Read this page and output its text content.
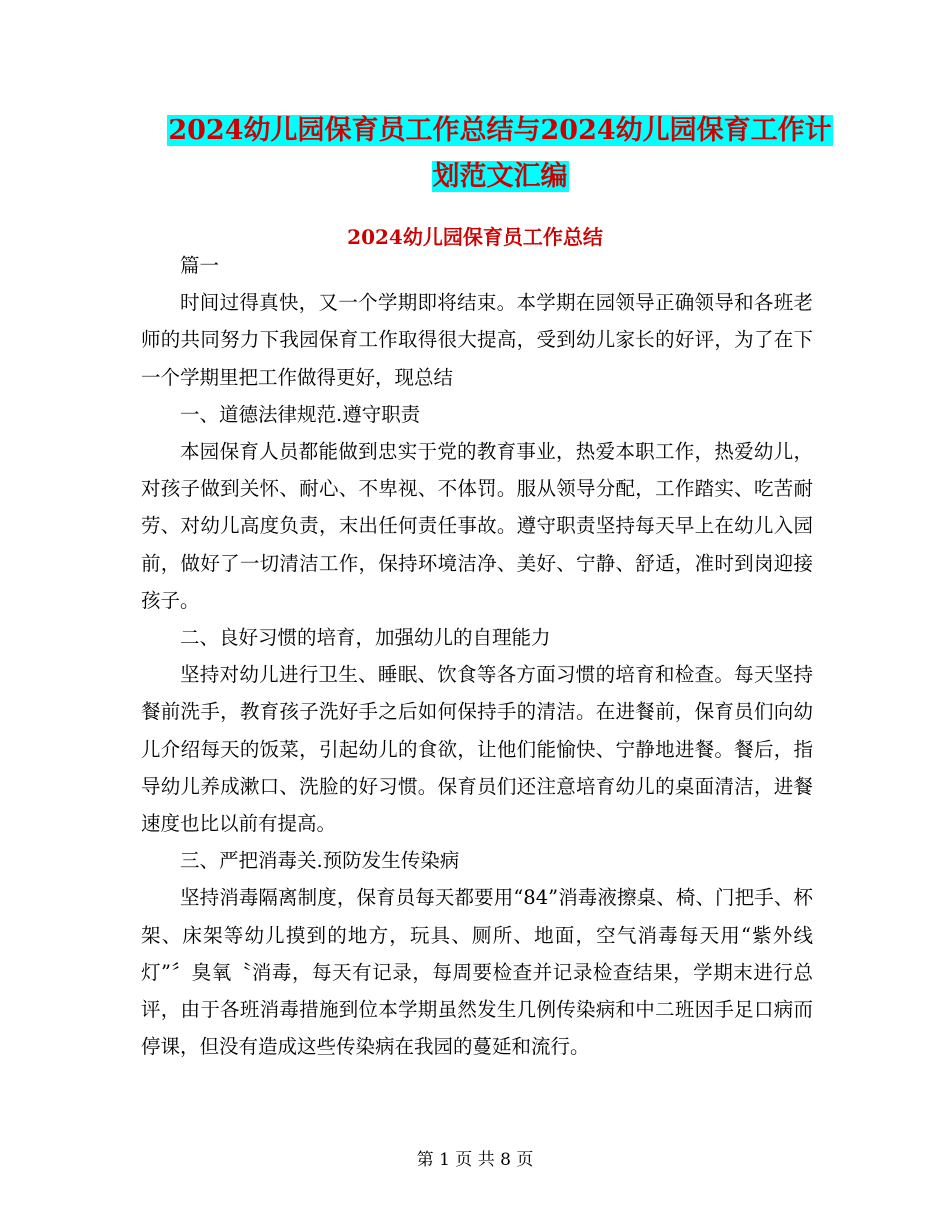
2024幼儿园保育员工作总结与2024幼儿园保育工作计
划范文汇编
2024幼儿园保育员工作总结

篇一

时间过得真快，又一个学期即将结束。本学期在园领导正确领导和各班老师的共同努力下我园保育工作取得很大提高，受到幼儿家长的好评，为了在下一个学期里把工作做得更好，现总结

一、道德法律规范.遵守职责

本园保育人员都能做到忠实于党的教育事业，热爱本职工作，热爱幼儿，对孩子做到关怀、耐心、不卑视、不体罚。服从领导分配，工作踏实、吃苦耐劳、对幼儿高度负责，末出任何责任事故。遵守职责坚持每天早上在幼儿入园前，做好了一切清洁工作，保持环境洁净、美好、宁静、舒适，准时到岗迎接孩子。

二、良好习惯的培育，加强幼儿的自理能力

坚持对幼儿进行卫生、睡眠、饮食等各方面习惯的培育和检查。每天坚持餐前洗手，教育孩子洗好手之后如何保持手的清洁。在进餐前，保育员们向幼儿介绍每天的饭菜，引起幼儿的食欲，让他们能愉快、宁静地进餐。餐后，指导幼儿养成漱口、洗脸的好习惯。保育员们还注意培育幼儿的桌面清洁，进餐速度也比以前有提高。

三、严把消毒关.预防发生传染病

坚持消毒隔离制度，保育员每天都要用“84”消毒液擦桌、椅、门把手、杯架、床架等幼儿摸到的地方，玩具、厕所、地面，空气消毒每天用“紫外线灯”〞臭氧〝消毒，每天有记录，每周要检查并记录检查结果，学期末进行总评，由于各班消毒措施到位本学期虽然发生几例传染病和中二班因手足口病而停课，但没有造成这些传染病在我园的蔓延和流行。

第 1 页 共 8 页
